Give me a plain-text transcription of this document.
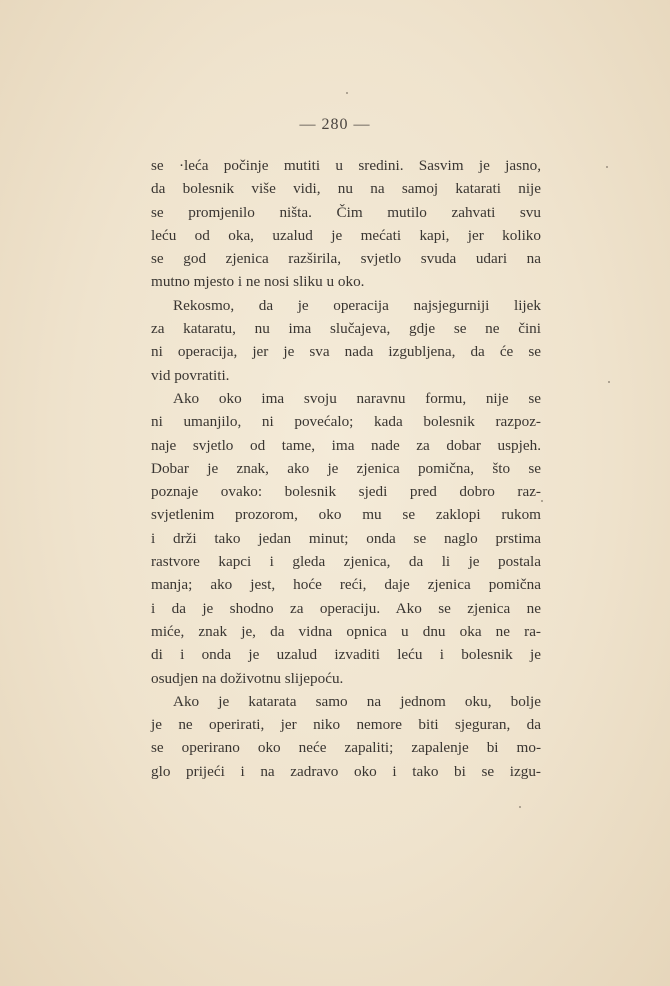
— 280 —
se ·leća počinje mutiti u sredini. Sasvim je jasno,
da bolesnik više vidi, nu na samoj katarati nije
se promjenilo ništa. Čim mutilo zahvati svu
leću od oka, uzalud je mećati kapi, jer koliko
se god zjenica razširila, svjetlo svuda udari na
mutno mjesto i ne nosi sliku u oko.
Rekosmo, da je operacija najsjegurniji lijek
za kataratu, nu ima slučajeva, gdje se ne čini
ni operacija, jer je sva nada izgubljena, da će se
vid povratiti.
Ako oko ima svoju naravnu formu, nije se
ni umanjilo, ni povećalo; kada bolesnik razpoz-
naje svjetlo od tame, ima nade za dobar uspjeh.
Dobar je znak, ako je zjenica pomična, što se
poznaje ovako: bolesnik sjedi pred dobro raz-
svjetlenim prozorom, oko mu se zaklopi rukom
i drži tako jedan minut; onda se naglo prstima
rastvore kapci i gleda zjenica, da li je postala
manja; ako jest, hoće reći, daje zjenica pomična
i da je shodno za operaciju. Ako se zjenica ne
miće, znak je, da vidna opnica u dnu oka ne ra-
di i onda je uzalud izvaditi leću i bolesnik je
osudjen na doživotnu slijepoću.
Ako je katarata samo na jednom oku, bolje
je ne operirati, jer niko nemore biti sjeguran, da
se operirano oko neće zapaliti; zapalenje bi mo-
glo prijeći i na zadravo oko i tako bi se izgu-
